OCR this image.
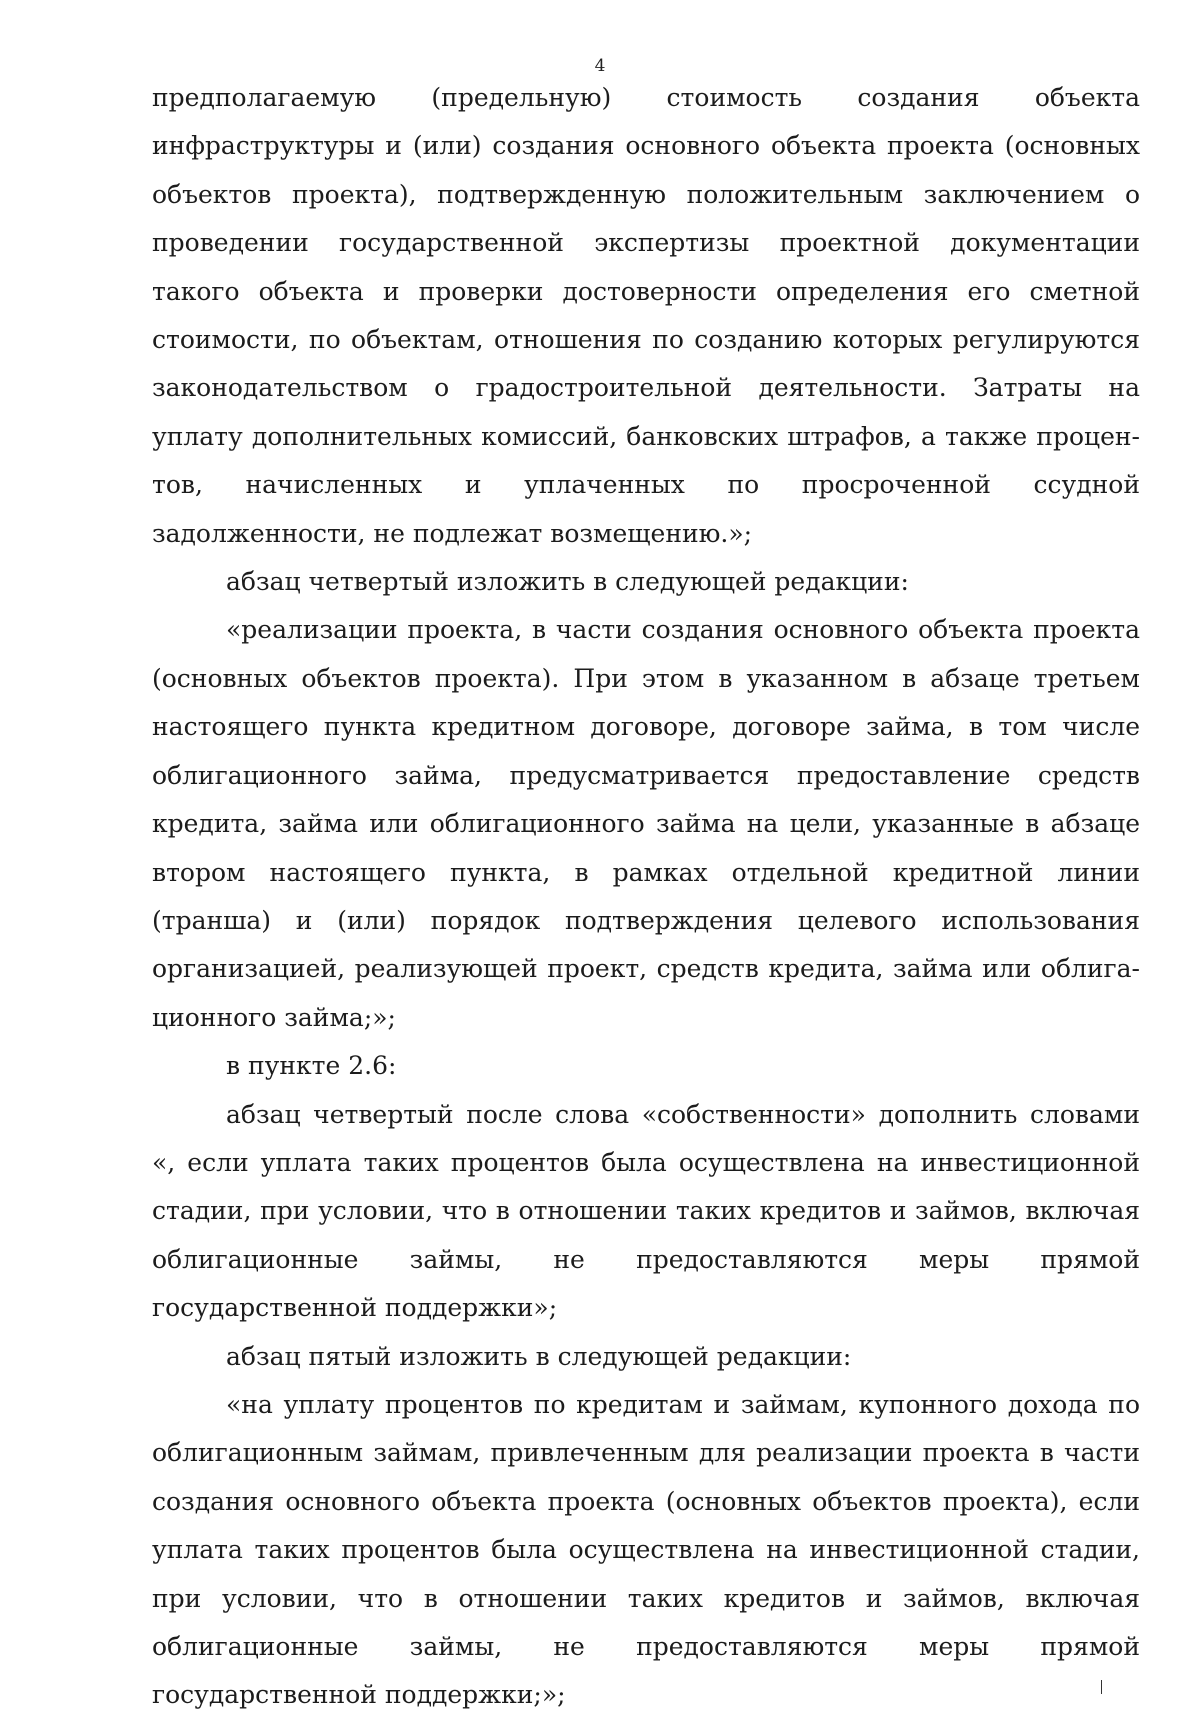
4

предполагаемую (предельную) стоимость создания объекта инфраструктуры и (или) создания основного объекта проекта (основных объектов проекта), подтвержденную положительным заключением о проведении государственной экспертизы проектной документации такого объекта и проверки достоверности определения его сметной стоимости, по объектам, отношения по созданию которых регулируются законодательством о градостроительной деятельности. Затраты на уплату дополнительных комиссий, банковских штрафов, а также процентов, начисленных и уплаченных по просроченной ссудной задолженности, не подлежат возмещению.»;

абзац четвертый изложить в следующей редакции:

«реализации проекта, в части создания основного объекта проекта (основных объектов проекта). При этом в указанном в абзаце третьем настоящего пункта кредитном договоре, договоре займа, в том числе облигационного займа, предусматривается предоставление средств кредита, займа или облигационного займа на цели, указанные в абзаце втором настоящего пункта, в рамках отдельной кредитной линии (транша) и (или) порядок подтверждения целевого использования организацией, реализующей проект, средств кредита, займа или облигационного займа;»;

в пункте 2.6:

абзац четвертый после слова «собственности» дополнить словами «, если уплата таких процентов была осуществлена на инвестиционной стадии, при условии, что в отношении таких кредитов и займов, включая облигационные займы, не предоставляются меры прямой государственной поддержки»;

абзац пятый изложить в следующей редакции:

«на уплату процентов по кредитам и займам, купонного дохода по облигационным займам, привлеченным для реализации проекта в части создания основного объекта проекта (основных объектов проекта), если уплата таких процентов была осуществлена на инвестиционной стадии, при условии, что в отношении таких кредитов и займов, включая облигационные займы, не предоставляются меры прямой государственной поддержки;»;
